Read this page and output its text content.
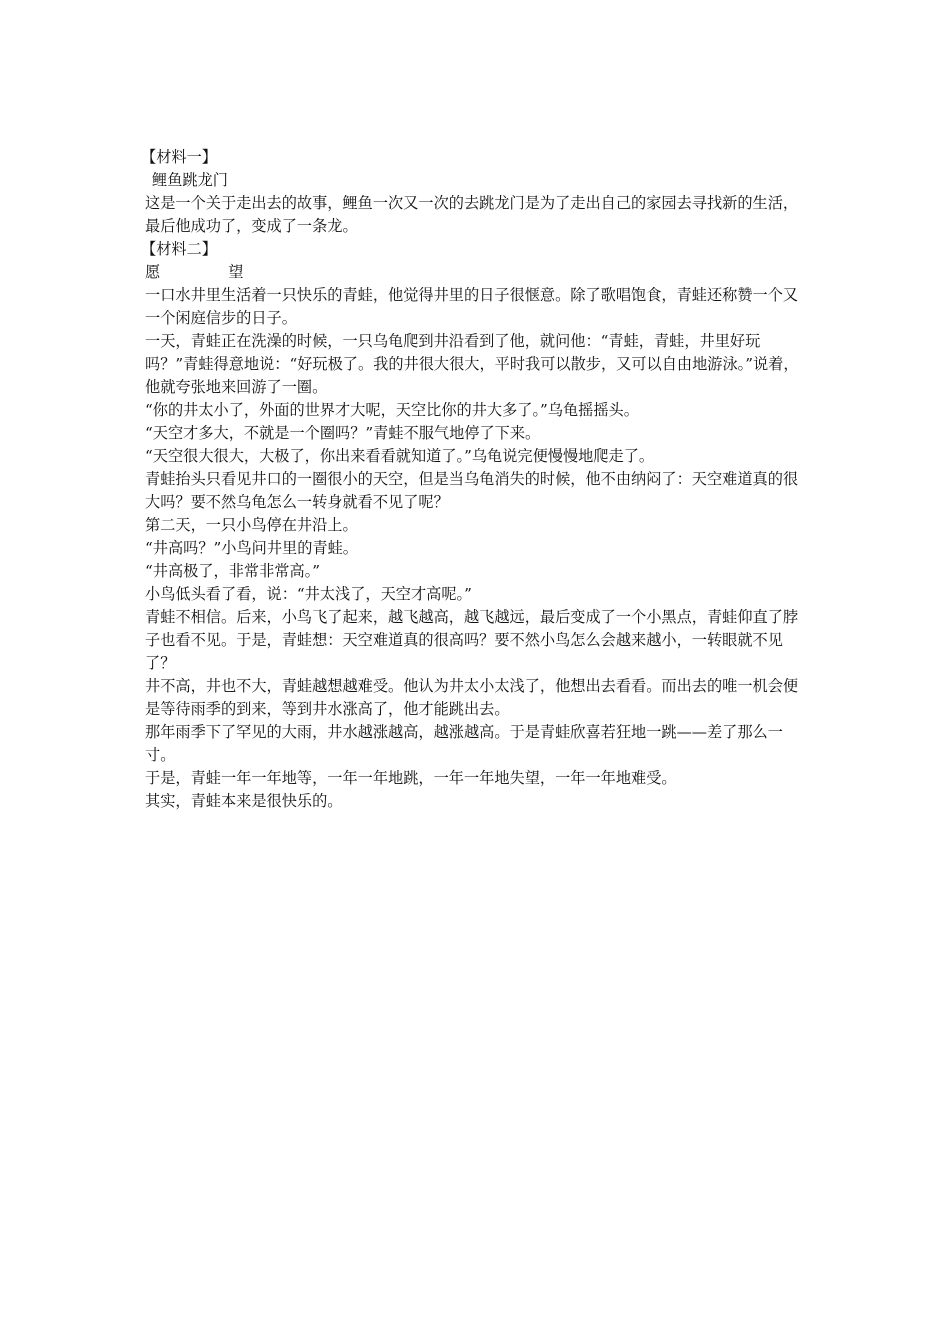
【材料一】

鲤鱼跳龙门

这是一个关于走出去的故事，鲤鱼一次又一次的去跳龙门是为了走出自己的家园去寻找新的生活，最后他成功了，变成了一条龙。

【材料二】

愿	望

一口水井里生活着一只快乐的青蛙，他觉得井里的日子很惬意。除了歌唱饱食，青蛙还称赞一个又一个闲庭信步的日子。

一天，青蛙正在洗澡的时候，一只乌龟爬到井沿看到了他，就问他：“青蛙，青蛙，井里好玩吗？”青蛙得意地说：“好玩极了。我的井很大很大，平时我可以散步，又可以自由地游泳。”说着，他就夸张地来回游了一圈。

“你的井太小了，外面的世界才大呢，天空比你的井大多了。”乌龟摇摇头。

“天空才多大，不就是一个圈吗？”青蛙不服气地停了下来。

“天空很大很大，大极了，你出来看看就知道了。”乌龟说完便慢慢地爬走了。

青蛙抬头只看见井口的一圈很小的天空，但是当乌龟消失的时候，他不由纳闷了：天空难道真的很大吗？要不然乌龟怎么一转身就看不见了呢？

第二天，一只小鸟停在井沿上。

“井高吗？”小鸟问井里的青蛙。

“井高极了，非常非常高。”

小鸟低头看了看，说：“井太浅了，天空才高呢。”

青蛙不相信。后来，小鸟飞了起来，越飞越高，越飞越远，最后变成了一个小黑点，青蛙仰直了脖子也看不见。于是，青蛙想：天空难道真的很高吗？要不然小鸟怎么会越来越小，一转眼就不见了？

井不高，井也不大，青蛙越想越难受。他认为井太小太浅了，他想出去看看。而出去的唯一机会便是等待雨季的到来，等到井水涨高了，他才能跳出去。

那年雨季下了罕见的大雨，井水越涨越高，越涨越高。于是青蛙欣喜若狂地一跳——差了那么一寸。

于是，青蛙一年一年地等，一年一年地跳，一年一年地失望，一年一年地难受。

其实，青蛙本来是很快乐的。
